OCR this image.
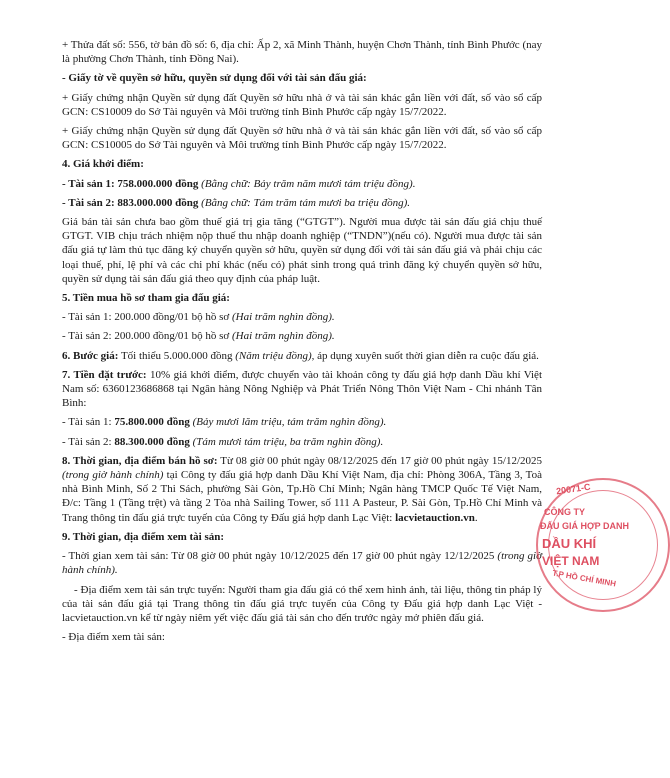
+ Thửa đất số: 556, tờ bản đồ số: 6, địa chỉ: Ấp 2, xã Minh Thành, huyện Chơn Thành, tỉnh Bình Phước (nay là phường Chơn Thành, tỉnh Đồng Nai).

- Giấy tờ về quyền sở hữu, quyền sử dụng đối với tài sản đấu giá:

+ Giấy chứng nhận Quyền sử dụng đất Quyền sở hữu nhà ở và tài sản khác gắn liền với đất, số vào sổ cấp GCN: CS10009 do Sở Tài nguyên và Môi trường tỉnh Bình Phước cấp ngày 15/7/2022.

+ Giấy chứng nhận Quyền sử dụng đất Quyền sở hữu nhà ở và tài sản khác gắn liền với đất, số vào sổ cấp GCN: CS10005 do Sở Tài nguyên và Môi trường tỉnh Bình Phước cấp ngày 15/7/2022.

4. Giá khởi điểm:

- Tài sản 1: 758.000.000 đồng (Bằng chữ: Bảy trăm năm mươi tám triệu đồng).

- Tài sản 2: 883.000.000 đồng (Bằng chữ: Tám trăm tám mươi ba triệu đồng).

Giá bán tài sản chưa bao gồm thuế giá trị gia tăng (“GTGT”). Người mua được tài sản đấu giá chịu thuế GTGT. VIB chịu trách nhiệm nộp thuế thu nhập doanh nghiệp (“TNDN”)(nếu có). Người mua được tài sản đấu giá tự làm thủ tục đăng ký chuyển quyền sở hữu, quyền sử dụng đối với tài sản đấu giá và phải chịu các loại thuế, phí, lệ phí và các chi phí khác (nếu có) phát sinh trong quá trình đăng ký chuyển quyền sở hữu, quyền sử dụng tài sản đấu giá theo quy định của pháp luật.

5. Tiền mua hồ sơ tham gia đấu giá:

- Tài sản 1: 200.000 đồng/01 bộ hồ sơ (Hai trăm nghìn đồng).

- Tài sản 2: 200.000 đồng/01 bộ hồ sơ (Hai trăm nghìn đồng).

6. Bước giá: Tối thiểu 5.000.000 đồng (Năm triệu đồng), áp dụng xuyên suốt thời gian diễn ra cuộc đấu giá.

7. Tiền đặt trước: 10% giá khởi điểm, được chuyển vào tài khoản công ty đấu giá hợp danh Dầu khí Việt Nam số: 6360123686868 tại Ngân hàng Nông Nghiệp và Phát Triển Nông Thôn Việt Nam - Chi nhánh Tân Bình:

- Tài sản 1: 75.800.000 đồng (Bảy mươi lăm triệu, tám trăm nghìn đồng).

- Tài sản 2: 88.300.000 đồng (Tám mươi tám triệu, ba trăm nghìn đồng).

8. Thời gian, địa điểm bán hồ sơ: Từ 08 giờ 00 phút ngày 08/12/2025 đến 17 giờ 00 phút ngày 15/12/2025 (trong giờ hành chính) tại Công ty đấu giá hợp danh Dầu Khí Việt Nam, địa chỉ: Phòng 306A, Tầng 3, Toà nhà Bình Minh, Số 2 Thi Sách, phường Sài Gòn, Tp.Hồ Chí Minh; Ngân hàng TMCP Quốc Tế Việt Nam, Đ/c: Tầng 1 (Tầng trệt) và tầng 2 Tòa nhà Sailing Tower, số 111 A Pasteur, P. Sài Gòn, Tp.Hồ Chí Minh và Trang thông tin đấu giá trực tuyến của Công ty Đấu giá hợp danh Lạc Việt: lacvietauction.vn.

9. Thời gian, địa điểm xem tài sản:

- Thời gian xem tài sản: Từ 08 giờ 00 phút ngày 10/12/2025 đến 17 giờ 00 phút ngày 12/12/2025 (trong giờ hành chính).

- Địa điểm xem tài sản trực tuyến: Người tham gia đấu giá có thể xem hình ảnh, tài liệu, thông tin pháp lý của tài sản đấu giá tại Trang thông tin đấu giá trực tuyến của Công ty Đấu giá hợp danh Lạc Việt - lacvietauction.vn kể từ ngày niêm yết việc đấu giá tài sản cho đến trước ngày mở phiên đấu giá.

- Địa điểm xem tài sản:

20071-C
CÔNG TY
ĐẤU GIÁ HỢP DANH
DẦU KHÍ
VIỆT NAM
T.P HỒ CHÍ MINH
